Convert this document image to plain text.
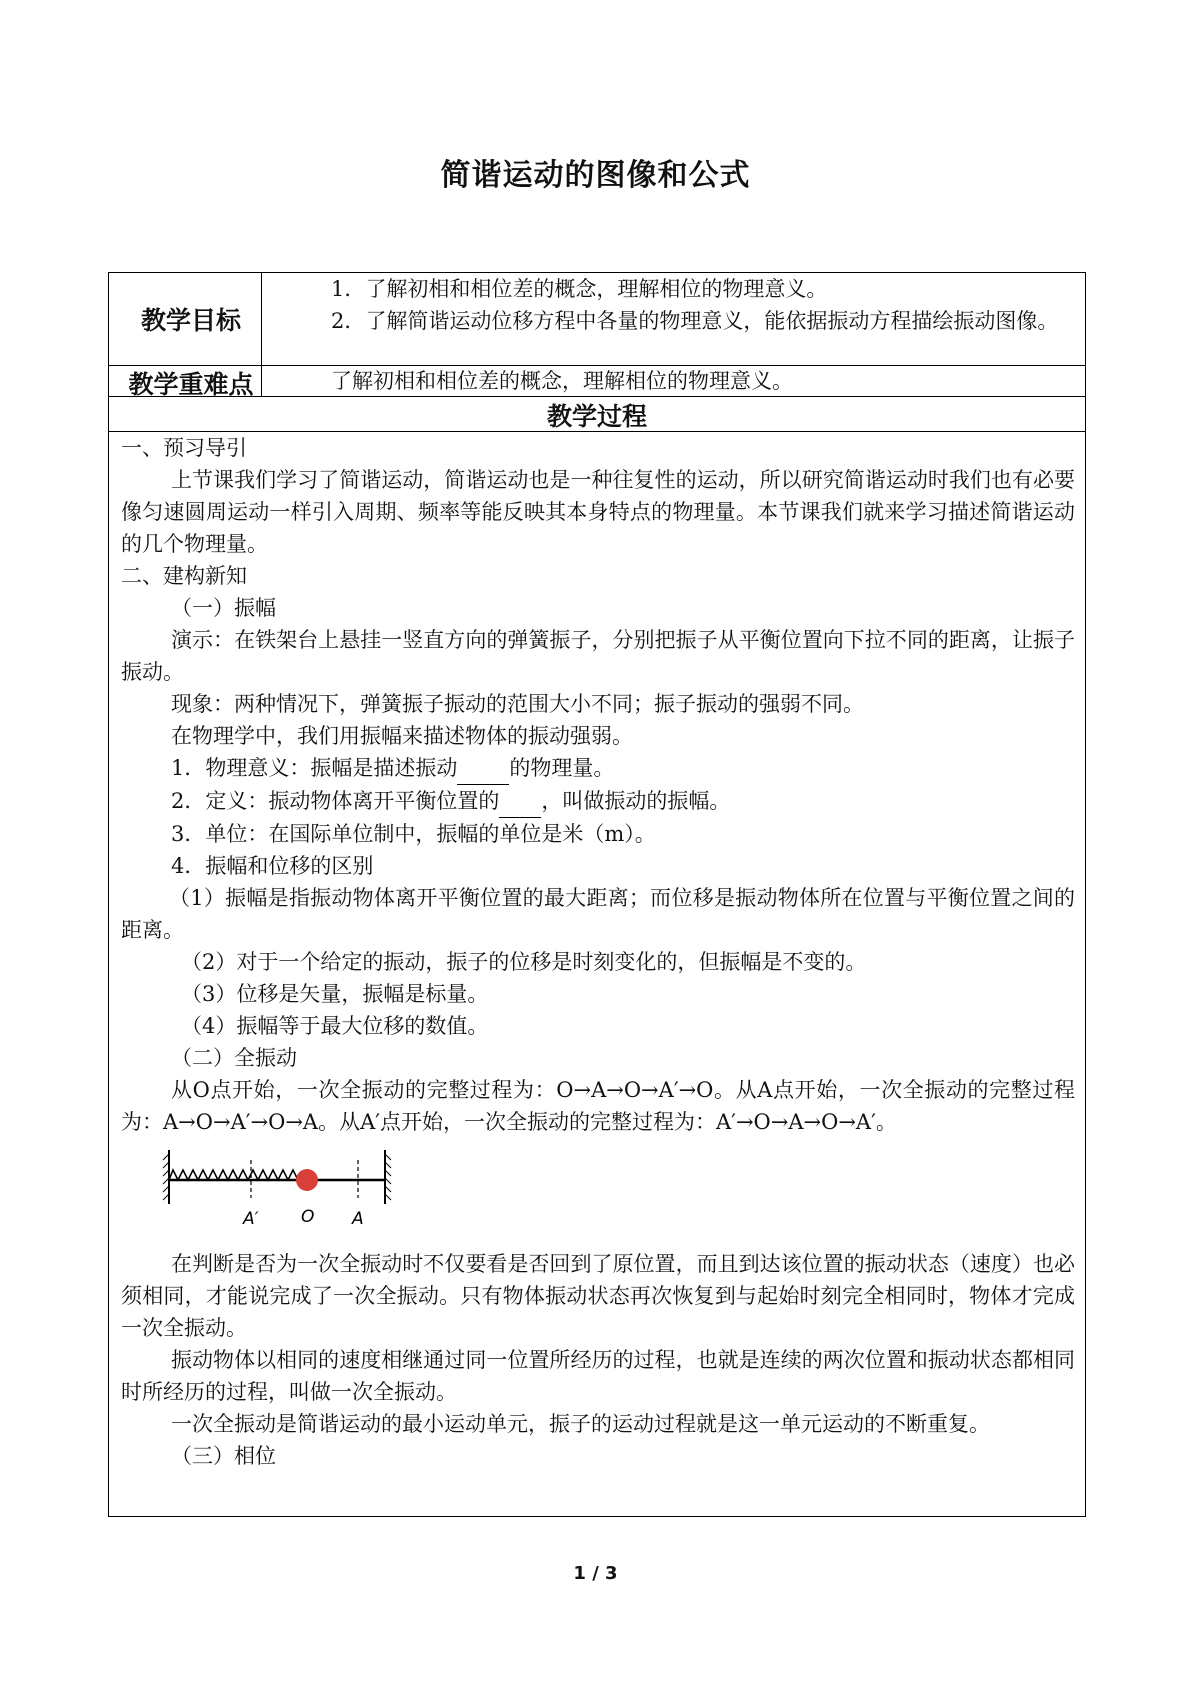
简谐运动的图像和公式
教学目标
1．了解初相和相位差的概念，理解相位的物理意义。
2．了解简谐运动位移方程中各量的物理意义，能依据振动方程描绘振动图像。
教学重难点	了解初相和相位差的概念，理解相位的物理意义。
教学过程
一、预习导引
上节课我们学习了简谐运动，简谐运动也是一种往复性的运动，所以研究简谐运动时我们也有必要像匀速圆周运动一样引入周期、频率等能反映其本身特点的物理量。本节课我们就来学习描述简谐运动的几个物理量。
二、建构新知
（一）振幅
演示：在铁架台上悬挂一竖直方向的弹簧振子，分别把振子从平衡位置向下拉不同的距离，让振子振动。
现象：两种情况下，弹簧振子振动的范围大小不同；振子振动的强弱不同。
在物理学中，我们用振幅来描述物体的振动强弱。
1．物理意义：振幅是描述振动 的物理量。
2．定义：振动物体离开平衡位置的 ，叫做振动的振幅。
3．单位：在国际单位制中，振幅的单位是米（m）。
4．振幅和位移的区别
（1）振幅是指振动物体离开平衡位置的最大距离；而位移是振动物体所在位置与平衡位置之间的距离。
（2）对于一个给定的振动，振子的位移是时刻变化的，但振幅是不变的。
（3）位移是矢量，振幅是标量。
（4）振幅等于最大位移的数值。
（二）全振动
从O点开始，一次全振动的完整过程为：O→A→O→A′→O。从A点开始，一次全振动的完整过程为：A→O→A′→O→A。从A′点开始，一次全振动的完整过程为：A′→O→A→O→A′。
A′	O A
在判断是否为一次全振动时不仅要看是否回到了原位置，而且到达该位置的振动状态（速度）也必须相同，才能说完成了一次全振动。只有物体振动状态再次恢复到与起始时刻完全相同时，物体才完成一次全振动。
振动物体以相同的速度相继通过同一位置所经历的过程，也就是连续的两次位置和振动状态都相同时所经历的过程，叫做一次全振动。
一次全振动是简谐运动的最小运动单元，振子的运动过程就是这一单元运动的不断重复。
（三）相位
1 / 3
